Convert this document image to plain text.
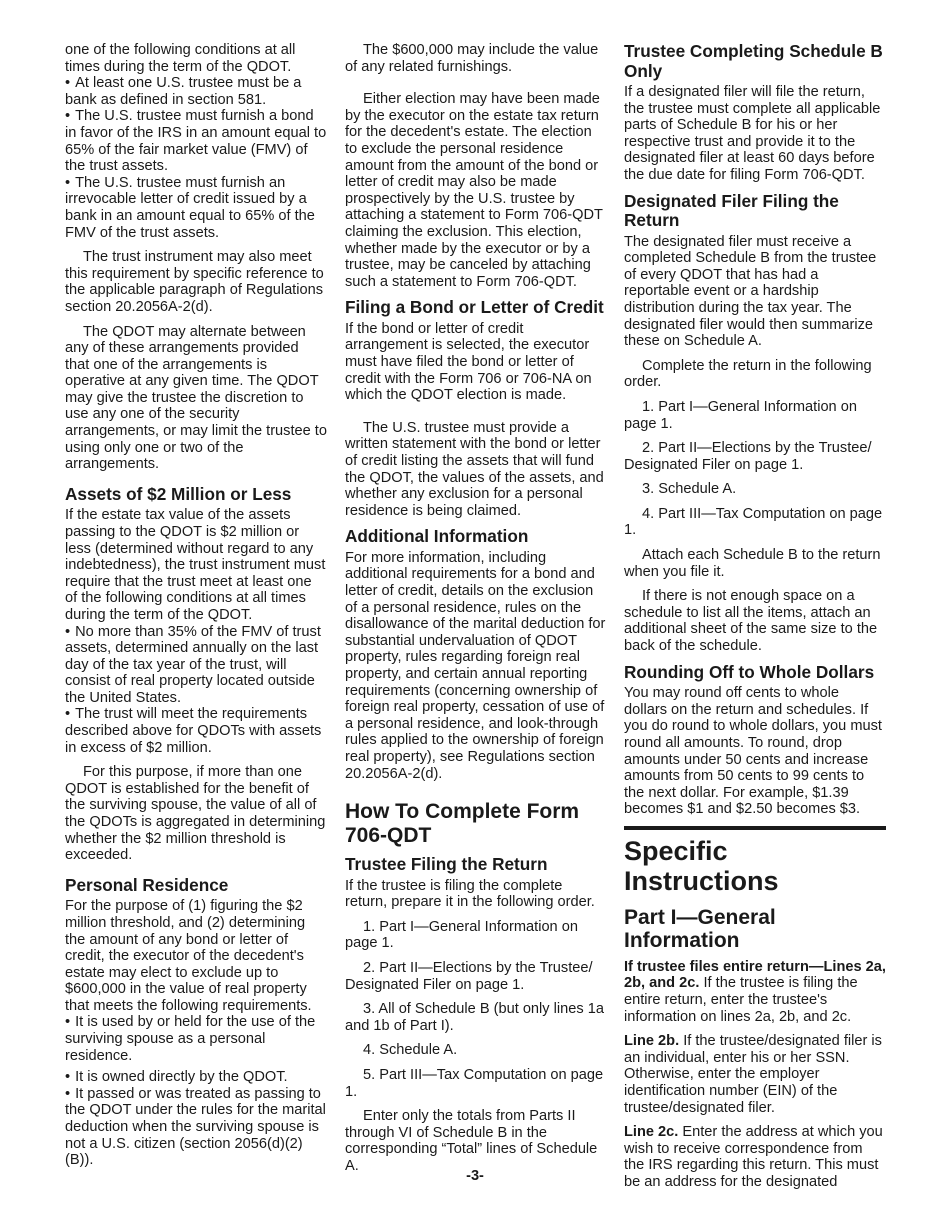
one of the following conditions at all times during the term of the QDOT.

• At least one U.S. trustee must be a bank as defined in section 581.

• The U.S. trustee must furnish a bond in favor of the IRS in an amount equal to 65% of the fair market value (FMV) of the trust assets.

• The U.S. trustee must furnish an irrevocable letter of credit issued by a bank in an amount equal to 65% of the FMV of the trust assets.

The trust instrument may also meet this requirement by specific reference to the applicable paragraph of Regulations section 20.2056A-2(d).

The QDOT may alternate between any of these arrangements provided that one of the arrangements is operative at any given time. The QDOT may give the trustee the discretion to use any one of the security arrangements, or may limit the trustee to using only one or two of the arrangements.

Assets of $2 Million or Less

If the estate tax value of the assets passing to the QDOT is $2 million or less (determined without regard to any indebtedness), the trust instrument must require that the trust meet at least one of the following conditions at all times during the term of the QDOT.

• No more than 35% of the FMV of trust assets, determined annually on the last day of the tax year of the trust, will consist of real property located outside the United States.

• The trust will meet the requirements described above for QDOTs with assets in excess of $2 million.

For this purpose, if more than one QDOT is established for the benefit of the surviving spouse, the value of all of the QDOTs is aggregated in determining whether the $2 million threshold is exceeded.

Personal Residence

For the purpose of (1) figuring the $2 million threshold, and (2) determining the amount of any bond or letter of credit, the executor of the decedent's estate may elect to exclude up to $600,000 in the value of real property that meets the following requirements.

• It is used by or held for the use of the surviving spouse as a personal residence.

• It is owned directly by the QDOT.

• It passed or was treated as passing to the QDOT under the rules for the marital deduction when the surviving spouse is not a U.S. citizen (section 2056(d)(2)(B)).

The $600,000 may include the value of any related furnishings.

Either election may have been made by the executor on the estate tax return for the decedent's estate. The election to exclude the personal residence amount from the amount of the bond or letter of credit may also be made prospectively by the U.S. trustee by attaching a statement to Form 706-QDT claiming the exclusion. This election, whether made by the executor or by a trustee, may be canceled by attaching such a statement to Form 706-QDT.

Filing a Bond or Letter of Credit

If the bond or letter of credit arrangement is selected, the executor must have filed the bond or letter of credit with the Form 706 or 706-NA on which the QDOT election is made.

The U.S. trustee must provide a written statement with the bond or letter of credit listing the assets that will fund the QDOT, the values of the assets, and whether any exclusion for a personal residence is being claimed.

Additional Information

For more information, including additional requirements for a bond and letter of credit, details on the exclusion of a personal residence, rules on the disallowance of the marital deduction for substantial undervaluation of QDOT property, rules regarding foreign real property, and certain annual reporting requirements (concerning ownership of foreign real property, cessation of use of a personal residence, and look-through rules applied to the ownership of foreign real property), see Regulations section 20.2056A-2(d).

How To Complete Form 706-QDT
Trustee Filing the Return

If the trustee is filing the complete return, prepare it in the following order.

1. Part I—General Information on page 1.

2. Part II—Elections by the Trustee/ Designated Filer on page 1.

3. All of Schedule B (but only lines 1a and 1b of Part I).

4. Schedule A.

5. Part III—Tax Computation on page 1.

Enter only the totals from Parts II through VI of Schedule B in the corresponding “Total” lines of Schedule A.

Trustee Completing Schedule B Only

If a designated filer will file the return, the trustee must complete all applicable parts of Schedule B for his or her respective trust and provide it to the designated filer at least 60 days before the due date for filing Form 706-QDT.

Designated Filer Filing the Return

The designated filer must receive a completed Schedule B from the trustee of every QDOT that has had a reportable event or a hardship distribution during the tax year. The designated filer would then summarize these on Schedule A.

Complete the return in the following order.

1. Part I—General Information on page 1.

2. Part II—Elections by the Trustee/ Designated Filer on page 1.

3. Schedule A.

4. Part III—Tax Computation on page 1.

Attach each Schedule B to the return when you file it.

If there is not enough space on a schedule to list all the items, attach an additional sheet of the same size to the back of the schedule.

Rounding Off to Whole Dollars

You may round off cents to whole dollars on the return and schedules. If you do round to whole dollars, you must round all amounts. To round, drop amounts under 50 cents and increase amounts from 50 cents to 99 cents to the next dollar. For example, $1.39 becomes $1 and $2.50 becomes $3.

Specific Instructions
Part I—General Information

If trustee files entire return—Lines 2a, 2b, and 2c. If the trustee is filing the entire return, enter the trustee's information on lines 2a, 2b, and 2c.

Line 2b. If the trustee/designated filer is an individual, enter his or her SSN. Otherwise, enter the employer identification number (EIN) of the trustee/designated filer.

Line 2c. Enter the address at which you wish to receive correspondence from the IRS regarding this return. This must be an address for the designated

-3-
